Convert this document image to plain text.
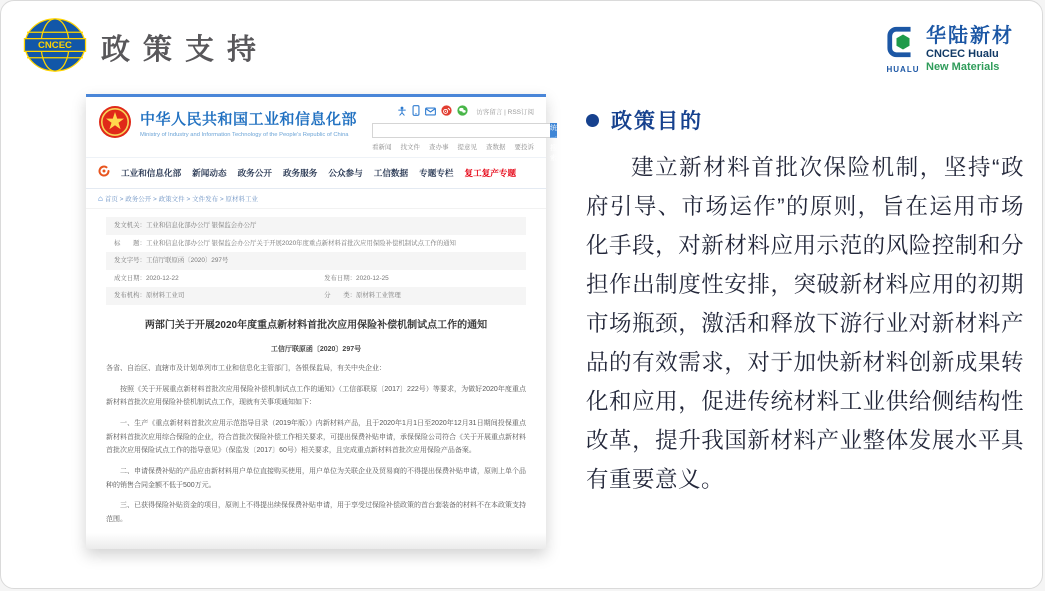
CNCEC 政策支持
HUALU
华陆新材
CNCEC Hualu
New Materials
中华人民共和国工业和信息化部
Ministry of Industry and Information Technology of the People's Republic of China
访客留言 | RSS订阅
统一搜索
看新闻 找文件 查办事 提意见 查数据 要投诉
工业和信息化部 新闻动态 政务公开 政务服务 公众参与 工信数据 专题专栏 复工复产专题
⌂ 首页 > 政务公开 > 政策文件 > 文件发布 > 原材料工业
发文机关： 工业和信息化部办公厅 银保监会办公厅
标　　题： 工业和信息化部办公厅 银保监会办公厅关于开展2020年度重点新材料首批次应用保险补偿机制试点工作的通知
发文字号： 工信厅联原函〔2020〕297号
成文日期： 2020-12-22	发布日期： 2020-12-25
发布机构： 原材料工业司	分　　类： 原材料工业管理
两部门关于开展2020年度重点新材料首批次应用保险补偿机制试点工作的通知
工信厅联原函〔2020〕297号

各省、自治区、直辖市及计划单列市工业和信息化主管部门，各银保监局，有关中央企业：

按照《关于开展重点新材料首批次应用保险补偿机制试点工作的通知》（工信部联原〔2017〕222号）等要求，为做好2020年度重点新材料首批次应用保险补偿机制试点工作，现就有关事项通知如下：

一、生产《重点新材料首批次应用示范指导目录（2019年版）》内新材料产品，且于2020年1月1日至2020年12月31日期间投保重点新材料首批次应用综合保险的企业，符合首批次保险补偿工作相关要求，可提出保费补贴申请，承保保险公司符合《关于开展重点新材料首批次应用保险试点工作的指导意见》（保监发〔2017〕60号）相关要求，且完成重点新材料首批次应用保险产品备案。

二、申请保费补贴的产品应由新材料用户单位直接购买使用，用户单位为关联企业及贸易商的不得提出保费补贴申请，原则上单个品种的销售合同金额不低于500万元。

三、已获得保险补贴资金的项目，原则上不得提出续保保费补贴申请，用于享受过保险补偿政策的首台套装备的材料不在本政策支持范围。

政策目的
建立新材料首批次保险机制，坚持“政府引导、市场运作”的原则，旨在运用市场化手段，对新材料应用示范的风险控制和分担作出制度性安排，突破新材料应用的初期市场瓶颈，激活和释放下游行业对新材料产品的有效需求，对于加快新材料创新成果转化和应用，促进传统材料工业供给侧结构性改革，提升我国新材料产业整体发展水平具有重要意义。
